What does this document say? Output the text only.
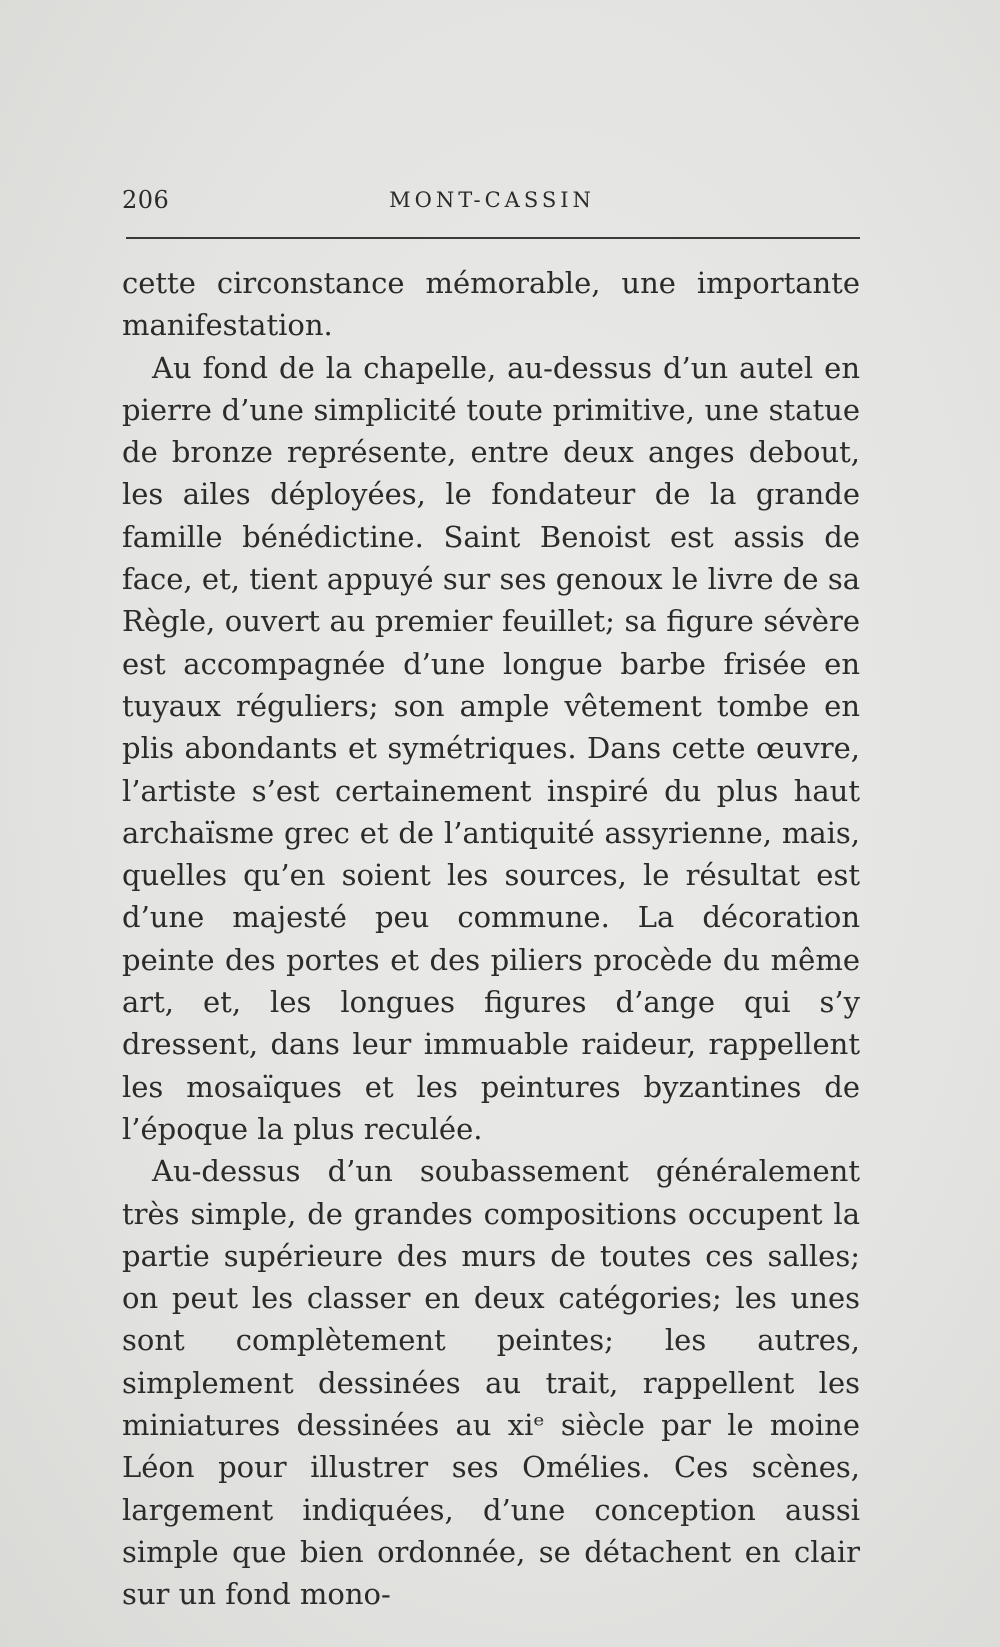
206	MONT-CASSIN

cette circonstance mémorable, une importante manifestation.

Au fond de la chapelle, au-dessus d’un autel en pierre d’une simplicité toute primitive, une statue de bronze représente, entre deux anges debout, les ailes déployées, le fondateur de la grande famille bénédictine. Saint Benoist est assis de face, et, tient appuyé sur ses genoux le livre de sa Règle, ouvert au premier feuillet; sa figure sévère est accompagnée d’une longue barbe frisée en tuyaux réguliers; son ample vêtement tombe en plis abondants et symétriques. Dans cette œuvre, l’artiste s’est certainement inspiré du plus haut archaïsme grec et de l’antiquité assyrienne, mais, quelles qu’en soient les sources, le résultat est d’une majesté peu commune. La décoration peinte des portes et des piliers procède du même art, et, les longues figures d’ange qui s’y dressent, dans leur immuable raideur, rappellent les mosaïques et les peintures byzantines de l’époque la plus reculée.

Au-dessus d’un soubassement généralement très simple, de grandes compositions occupent la partie supérieure des murs de toutes ces salles; on peut les classer en deux catégories; les unes sont complètement peintes; les autres, simplement dessinées au trait, rappellent les miniatures dessinées au xiᵉ siècle par le moine Léon pour illustrer ses Omélies. Ces scènes, largement indiquées, d’une conception aussi simple que bien ordonnée, se détachent en clair sur un fond mono-
